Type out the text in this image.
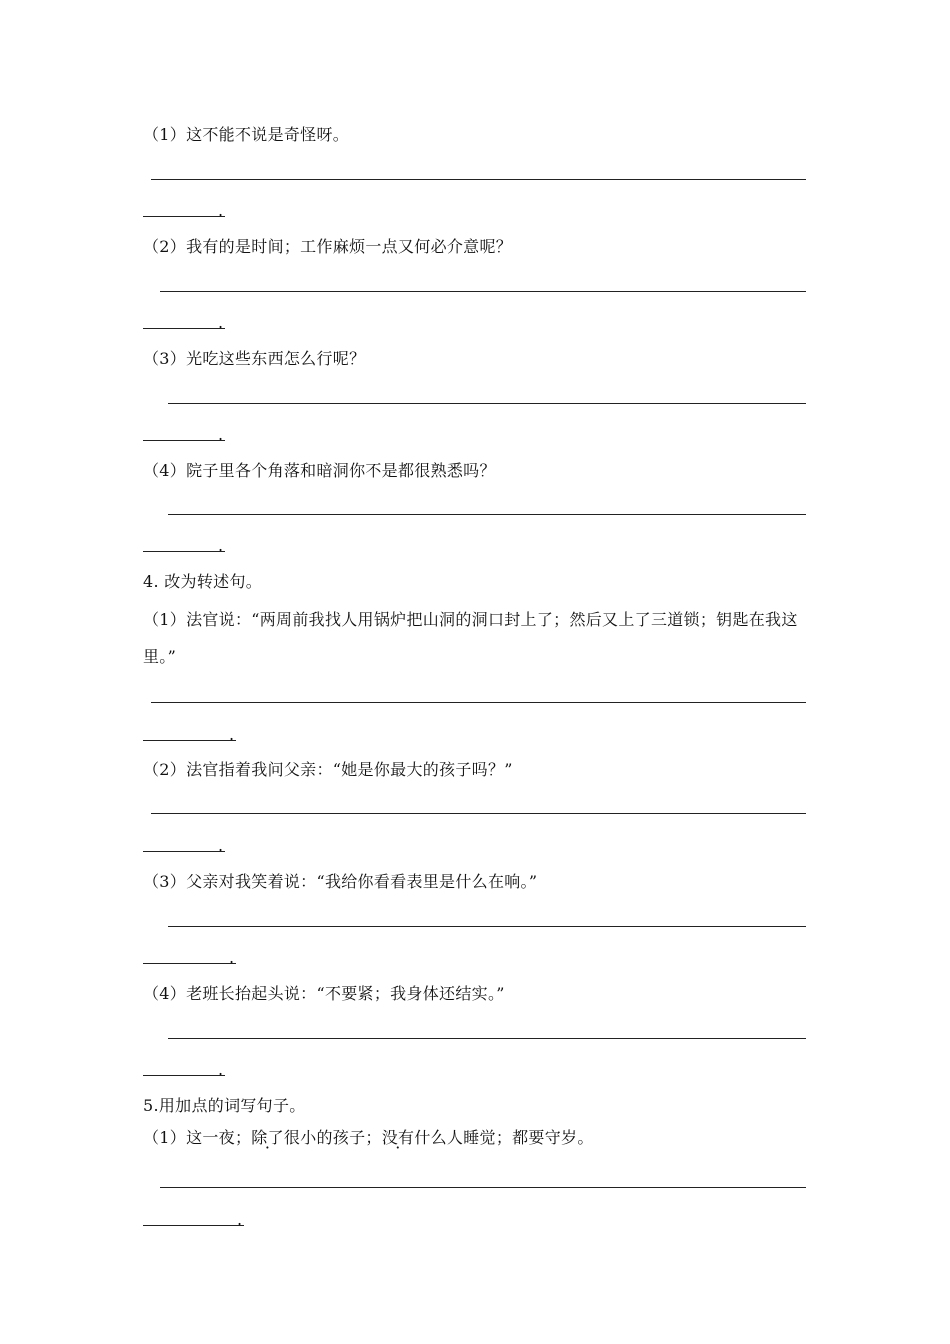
（1）这不能不说是奇怪呀。
.
（2）我有的是时间；工作麻烦一点又何必介意呢？
.
（3）光吃这些东西怎么行呢？
.
（4）院子里各个角落和暗洞你不是都很熟悉吗？
.
4. 改为转述句。
（1）法官说：“两周前我找人用锅炉把山洞的洞口封上了；然后又上了三道锁；钥匙在我这
里。”
.
（2）法官指着我问父亲：“她是你最大的孩子吗？”
.
（3）父亲对我笑着说：“我给你看看表里是什么在响。”
.
（4）老班长抬起头说：“不要紧；我身体还结实。”
.
5.用加点的词写句子。
（1）这一夜；除了很小的孩子；没有什么人睡觉；都要守岁。
.
